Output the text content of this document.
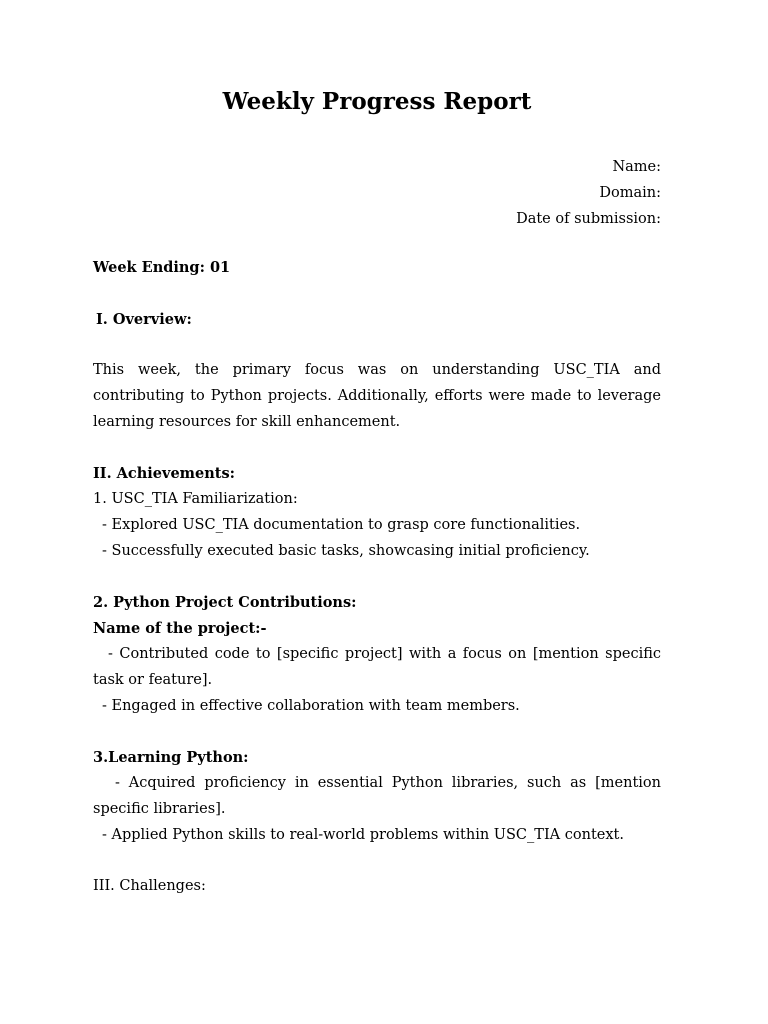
Weekly Progress Report
Name:
Domain:
Date of submission:
Week Ending: 01
I. Overview:

This week, the primary focus was on understanding USC_TIA and contributing to Python projects. Additionally, efforts were made to leverage learning resources for skill enhancement.

II. Achievements:
1. USC_TIA Familiarization:
- Explored USC_TIA documentation to grasp core functionalities.
- Successfully executed basic tasks, showcasing initial proficiency.
2. Python Project Contributions:
Name of the project:-

- Contributed code to [specific project] with a focus on [mention specific task or feature].

- Engaged in effective collaboration with team members.
3.Learning Python:

- Acquired proficiency in essential Python libraries, such as [mention specific libraries].

- Applied Python skills to real-world problems within USC_TIA context.
III. Challenges:
